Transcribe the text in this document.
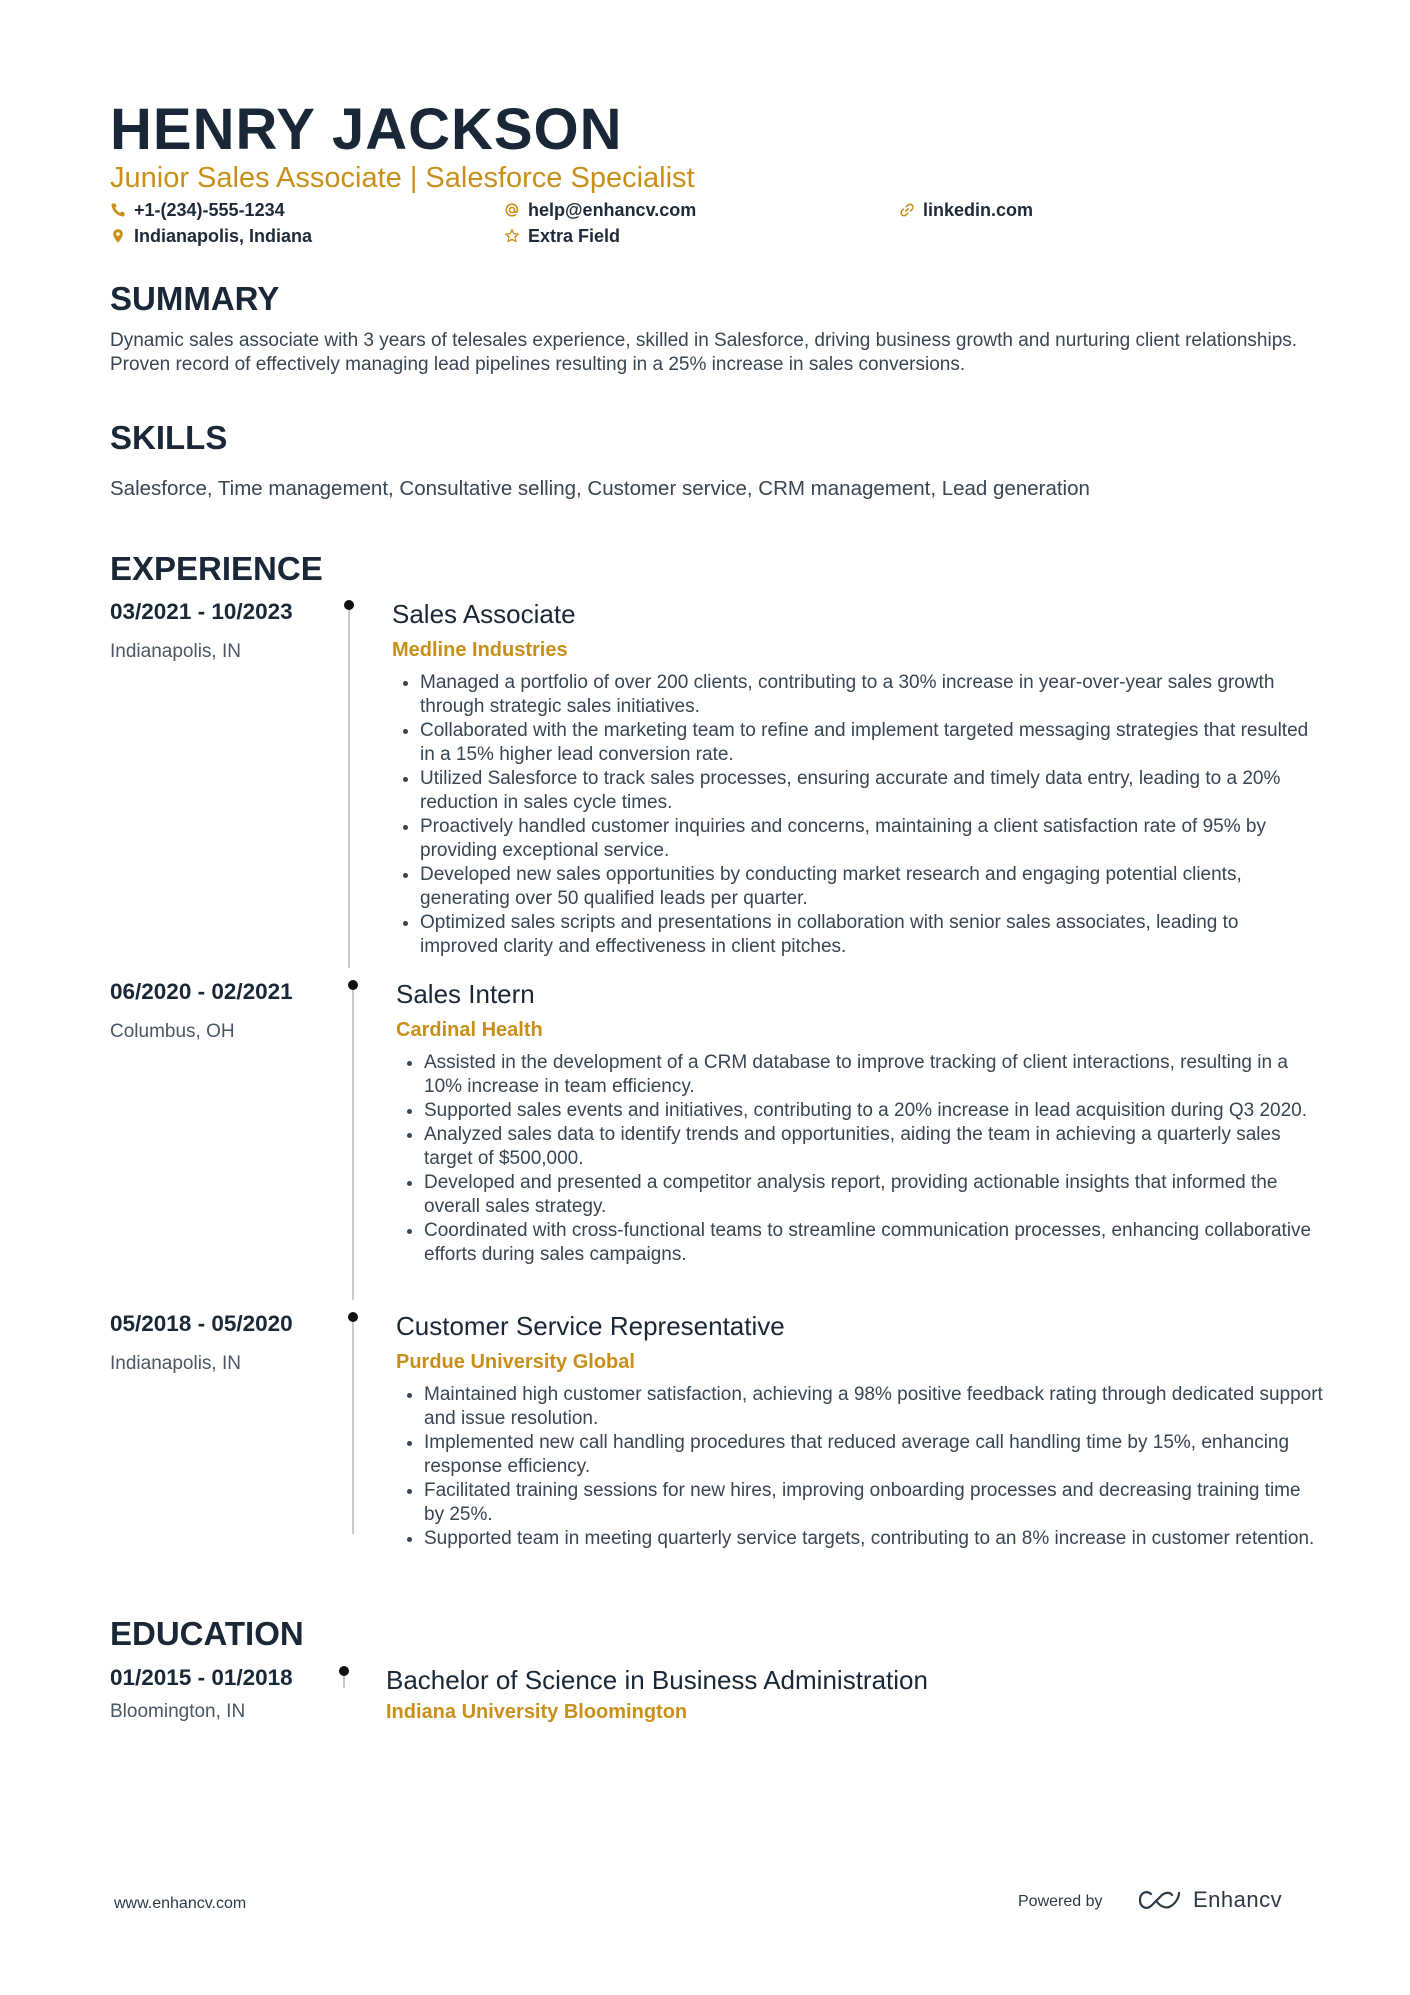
HENRY JACKSON
Junior Sales Associate | Salesforce Specialist
+1-(234)-555-1234	help@enhancv.com	linkedin.com
Indianapolis, Indiana	Extra Field
SUMMARY

Dynamic sales associate with 3 years of telesales experience, skilled in Salesforce, driving business growth and nurturing client relationships. Proven record of effectively managing lead pipelines resulting in a 25% increase in sales conversions.

SKILLS

Salesforce, Time management, Consultative selling, Customer service, CRM management, Lead generation

EXPERIENCE
03/2021 - 10/2023
Indianapolis, IN
Sales Associate
Medline Industries
• Managed a portfolio of over 200 clients, contributing to a 30% increase in year-over-year sales growth through strategic sales initiatives.
• Collaborated with the marketing team to refine and implement targeted messaging strategies that resulted in a 15% higher lead conversion rate.
• Utilized Salesforce to track sales processes, ensuring accurate and timely data entry, leading to a 20% reduction in sales cycle times.
• Proactively handled customer inquiries and concerns, maintaining a client satisfaction rate of 95% by providing exceptional service.
• Developed new sales opportunities by conducting market research and engaging potential clients, generating over 50 qualified leads per quarter.
• Optimized sales scripts and presentations in collaboration with senior sales associates, leading to improved clarity and effectiveness in client pitches.
06/2020 - 02/2021
Columbus, OH
Sales Intern
Cardinal Health
• Assisted in the development of a CRM database to improve tracking of client interactions, resulting in a 10% increase in team efficiency.
• Supported sales events and initiatives, contributing to a 20% increase in lead acquisition during Q3 2020.
• Analyzed sales data to identify trends and opportunities, aiding the team in achieving a quarterly sales target of $500,000.
• Developed and presented a competitor analysis report, providing actionable insights that informed the overall sales strategy.
• Coordinated with cross-functional teams to streamline communication processes, enhancing collaborative efforts during sales campaigns.
05/2018 - 05/2020
Indianapolis, IN
Customer Service Representative
Purdue University Global
• Maintained high customer satisfaction, achieving a 98% positive feedback rating through dedicated support and issue resolution.
• Implemented new call handling procedures that reduced average call handling time by 15%, enhancing response efficiency.
• Facilitated training sessions for new hires, improving onboarding processes and decreasing training time by 25%.
• Supported team in meeting quarterly service targets, contributing to an 8% increase in customer retention.
EDUCATION
01/2015 - 01/2018
Bloomington, IN
Bachelor of Science in Business Administration
Indiana University Bloomington
www.enhancv.com	Powered by	Enhancv
